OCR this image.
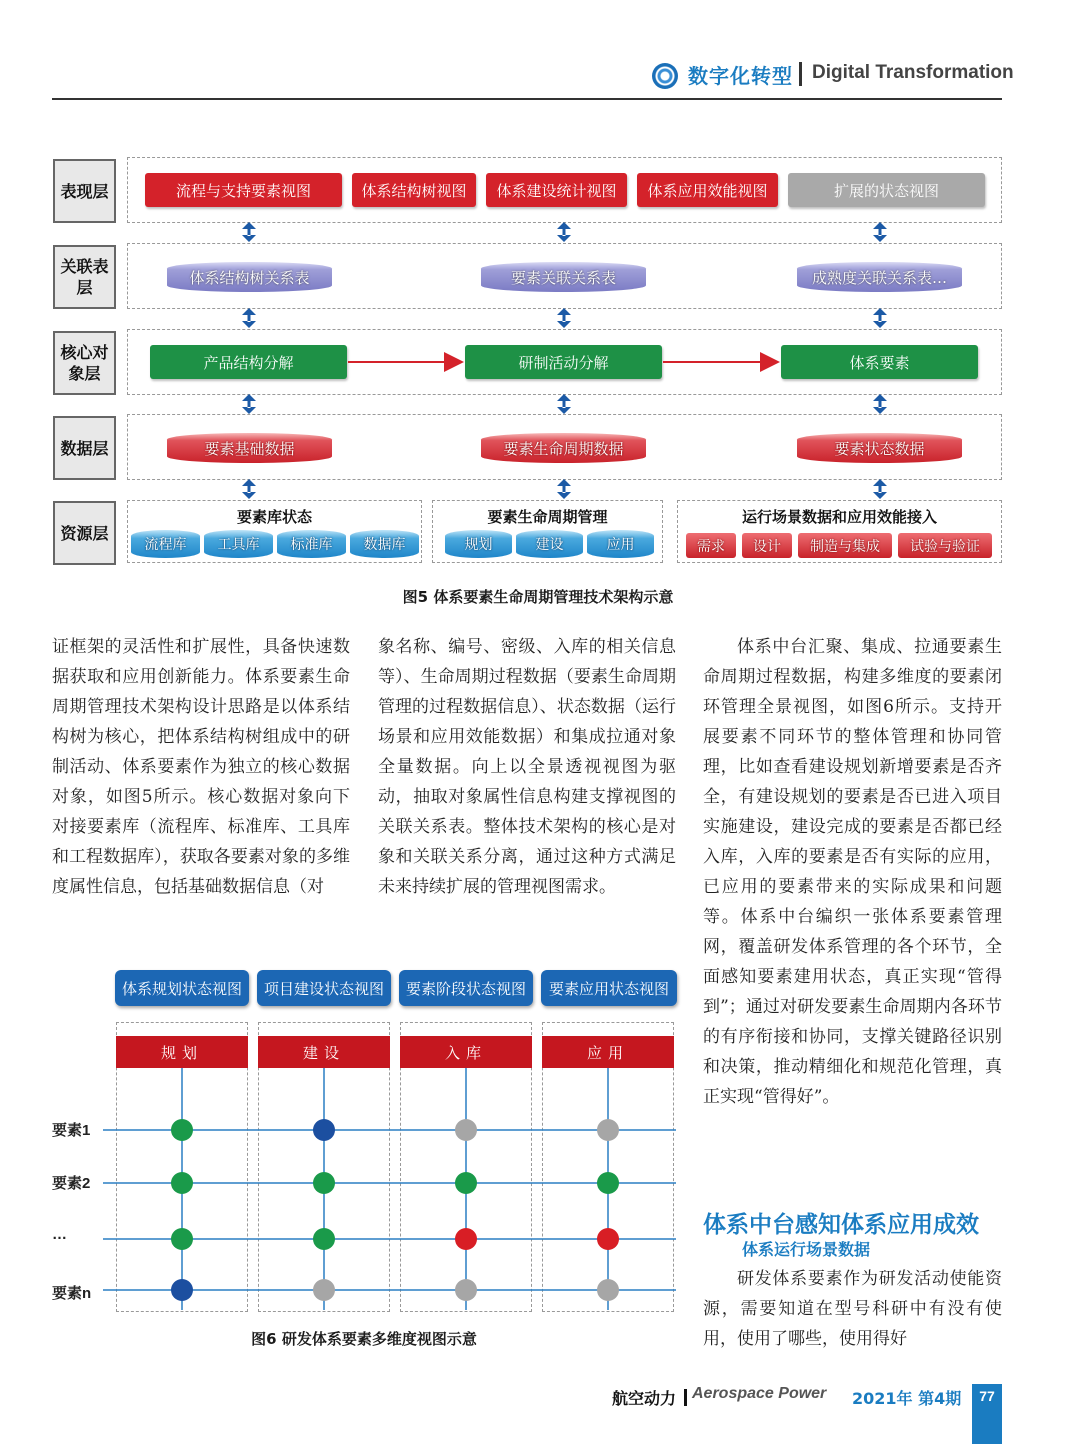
数字化转型 Digital Transformation
表现层
关联表层
核心对象层
数据层
资源层
流程与支持要素视图	体系结构树视图	体系建设统计视图	体系应用效能视图	扩展的状态视图
体系结构树关系表	要素关联关系表	成熟度关联关系表…
产品结构分解	研制活动分解	体系要素
要素基础数据	要素生命周期数据	要素状态数据
要素库状态	要素生命周期管理	运行场景数据和应用效能接入
流程库	工具库	标准库	数据库	规划	建设	应用	需求	设计	制造与集成	试验与验证
图5 体系要素生命周期管理技术架构示意

证框架的灵活性和扩展性，具备快速数据获取和应用创新能力。体系要素生命周期管理技术架构设计思路是以体系结构树为核心，把体系结构树组成中的研制活动、体系要素作为独立的核心数据对象，如图5所示。核心数据对象向下对接要素库（流程库、标准库、工具库和工程数据库），获取各要素对象的多维度属性信息，包括基础数据信息（对

象名称、编号、密级、入库的相关信息等）、生命周期过程数据（要素生命周期管理的过程数据信息）、状态数据（运行场景和应用效能数据）和集成拉通对象全量数据。向上以全景透视视图为驱动，抽取对象属性信息构建支撑视图的关联关系表。整体技术架构的核心是对象和关联关系分离，通过这种方式满足未来持续扩展的管理视图需求。

体系中台汇聚、集成、拉通要素生命周期过程数据，构建多维度的要素闭环管理全景视图，如图6所示。支持开展要素不同环节的整体管理和协同管理，比如查看建设规划新增要素是否齐全，有建设规划的要素是否已进入项目实施建设，建设完成的要素是否都已经入库，入库的要素是否有实际的应用，已应用的要素带来的实际成果和问题等。体系中台编织一张体系要素管理网，覆盖研发体系管理的各个环节，全面感知要素建用状态，真正实现“管得到”；通过对研发要素生命周期内各环节的有序衔接和协同，支撑关键路径识别和决策，推动精细化和规范化管理，真正实现“管得好”。

体系规划状态视图	项目建设状态视图	要素阶段状态视图	要素应用状态视图
规划	建设	入库	应用
要素1
要素2
…
要素n
图6 研发体系要素多维度视图示意
体系中台感知体系应用成效
体系运行场景数据

研发体系要素作为研发活动使能资源，需要知道在型号科研中有没有使用，使用了哪些，使用得好

航空动力 Aerospace Power 2021年 第4期	77
